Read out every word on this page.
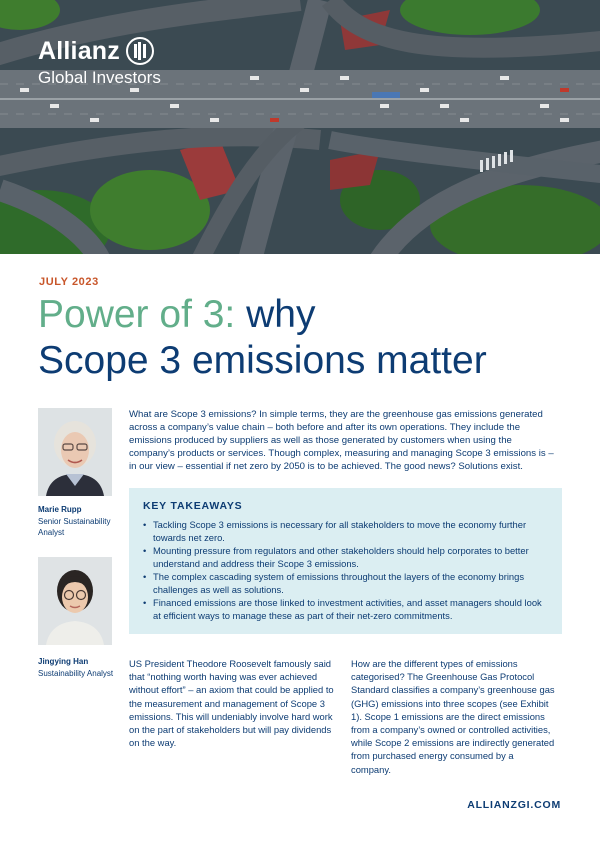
Allianz
Global Investors
JULY 2023
Power of 3: why
Scope 3 emissions matter
Marie Rupp
Senior Sustainability Analyst
Jingying Han
Sustainability Analyst

What are Scope 3 emissions? In simple terms, they are the greenhouse gas emissions generated across a company’s value chain – both before and after its own operations. They include the emissions produced by suppliers as well as those generated by customers when using the company’s products or services. Though complex, measuring and managing Scope 3 emissions is – in our view – essential if net zero by 2050 is to be achieved. The good news? Solutions exist.

KEY TAKEAWAYS
• Tackling Scope 3 emissions is necessary for all stakeholders to move the economy further towards net zero.
• Mounting pressure from regulators and other stakeholders should help corporates to better understand and address their Scope 3 emissions.
• The complex cascading system of emissions throughout the layers of the economy brings challenges as well as solutions.
• Financed emissions are those linked to investment activities, and asset managers should look at efficient ways to manage these as part of their net-zero commitments.

US President Theodore Roosevelt famously said that “nothing worth having was ever achieved without effort” – an axiom that could be applied to the measurement and management of Scope 3 emissions. This will undeniably involve hard work on the part of stakeholders but will pay dividends on the way.

How are the different types of emissions categorised? The Greenhouse Gas Protocol Standard classifies a company’s greenhouse gas (GHG) emissions into three scopes (see Exhibit 1). Scope 1 emissions are the direct emissions from a company’s owned or controlled activities, while Scope 2 emissions are indirectly generated from purchased energy consumed by a company.

ALLIANZGI.COM
